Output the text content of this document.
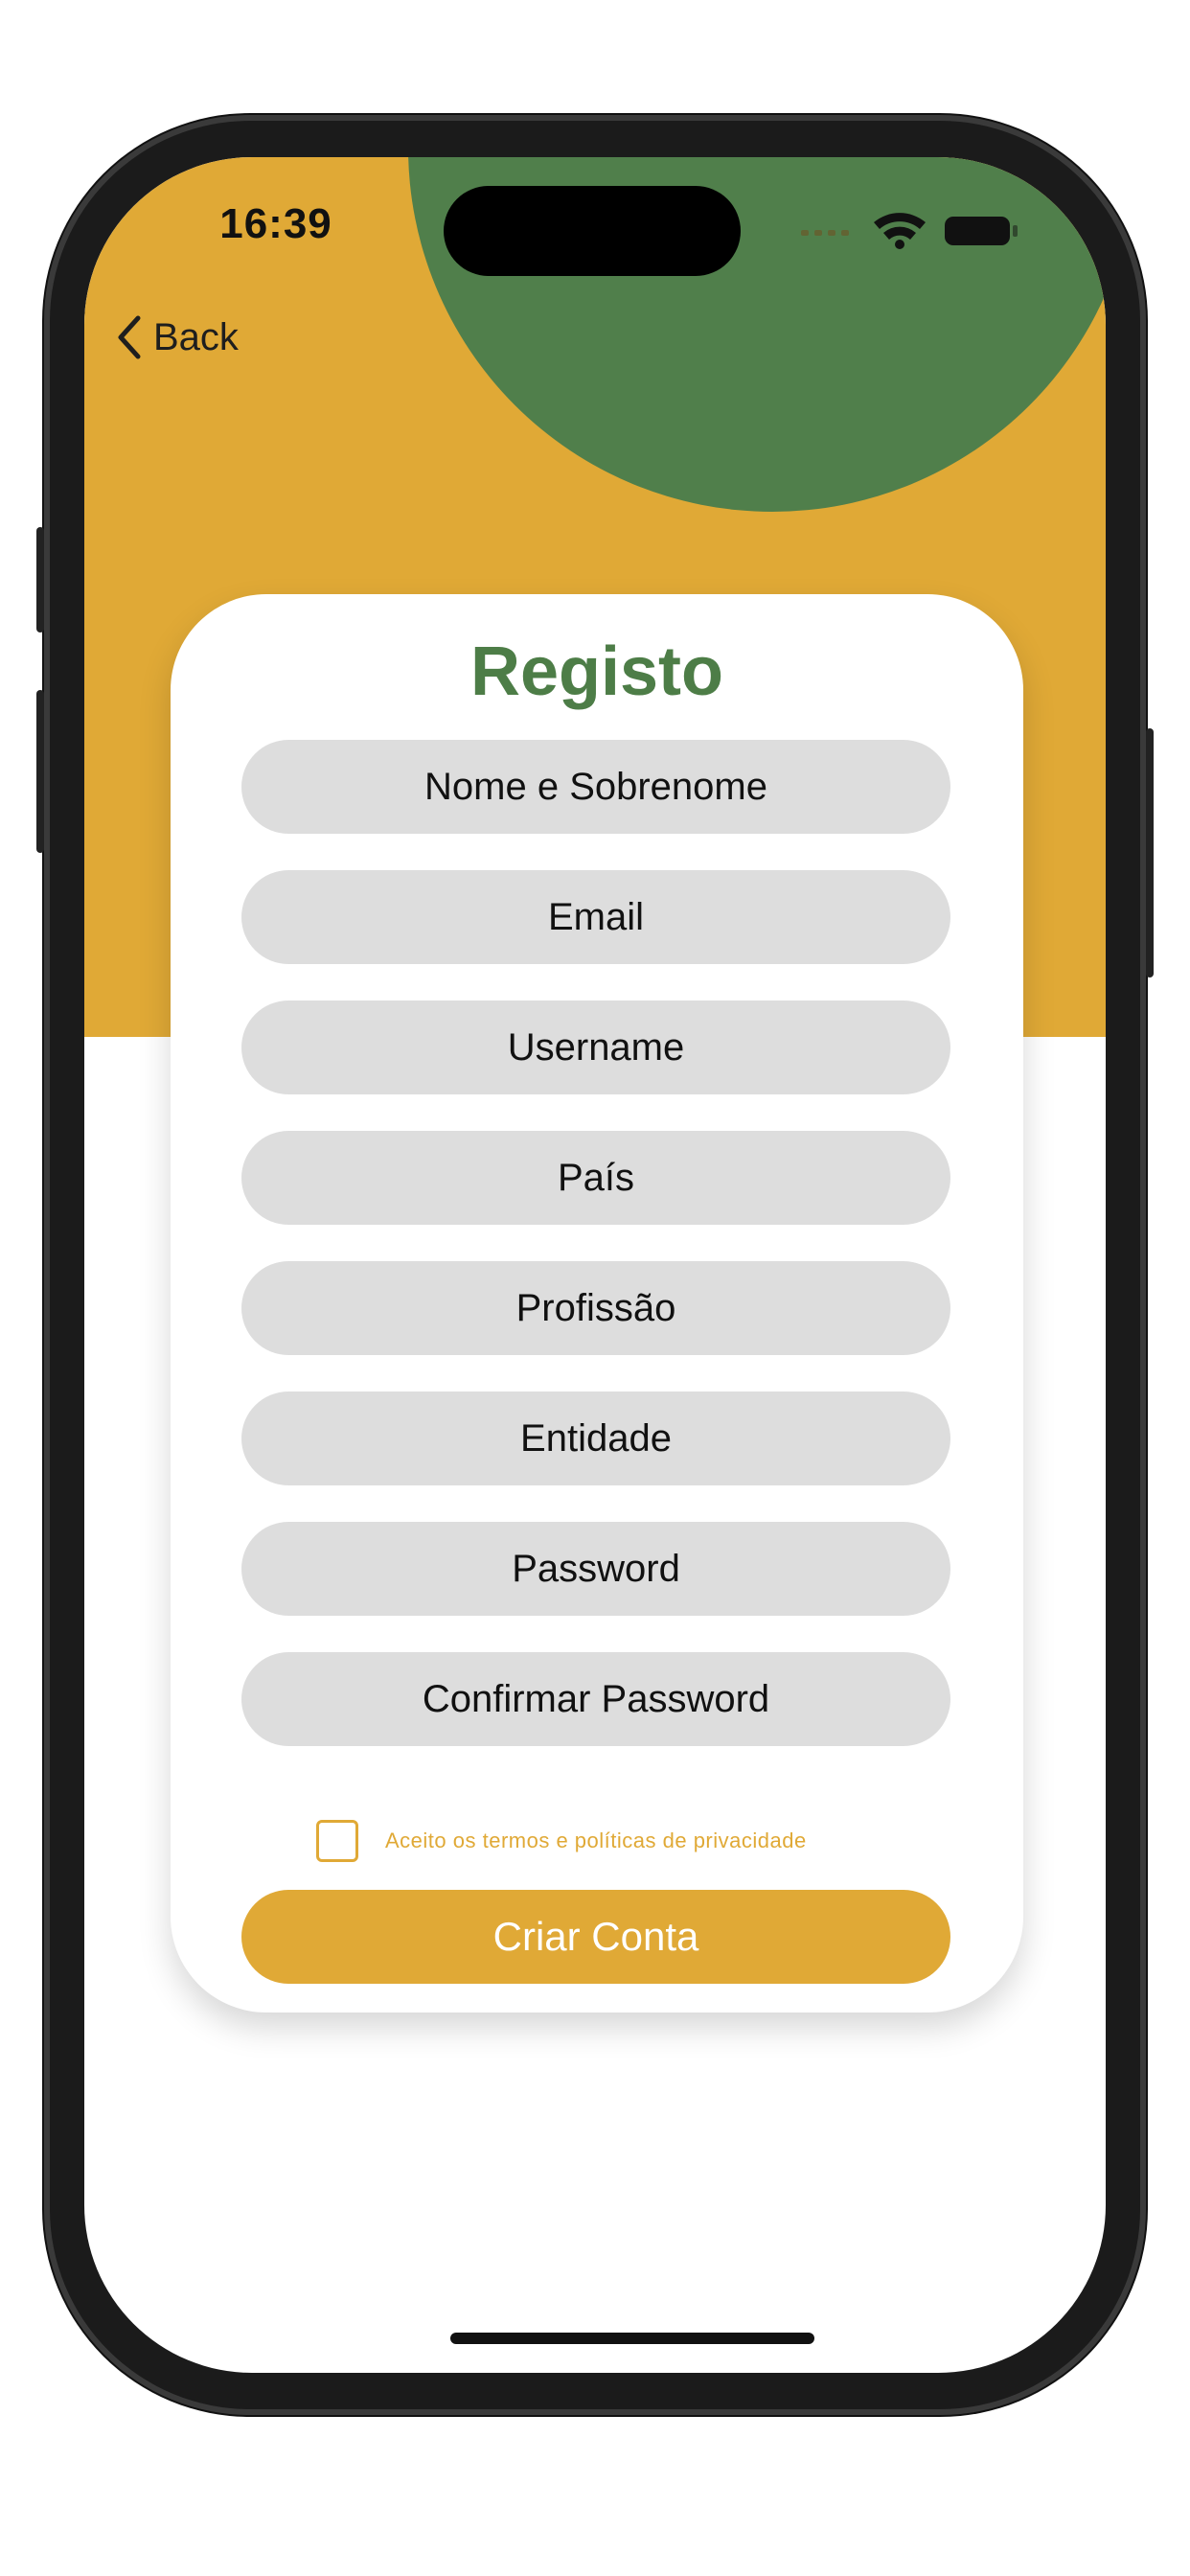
16:39
Back
Registo
Nome e Sobrenome
Email
Username
País
Profissão
Entidade
Aceito os termos e políticas de privacidade
Criar Conta
